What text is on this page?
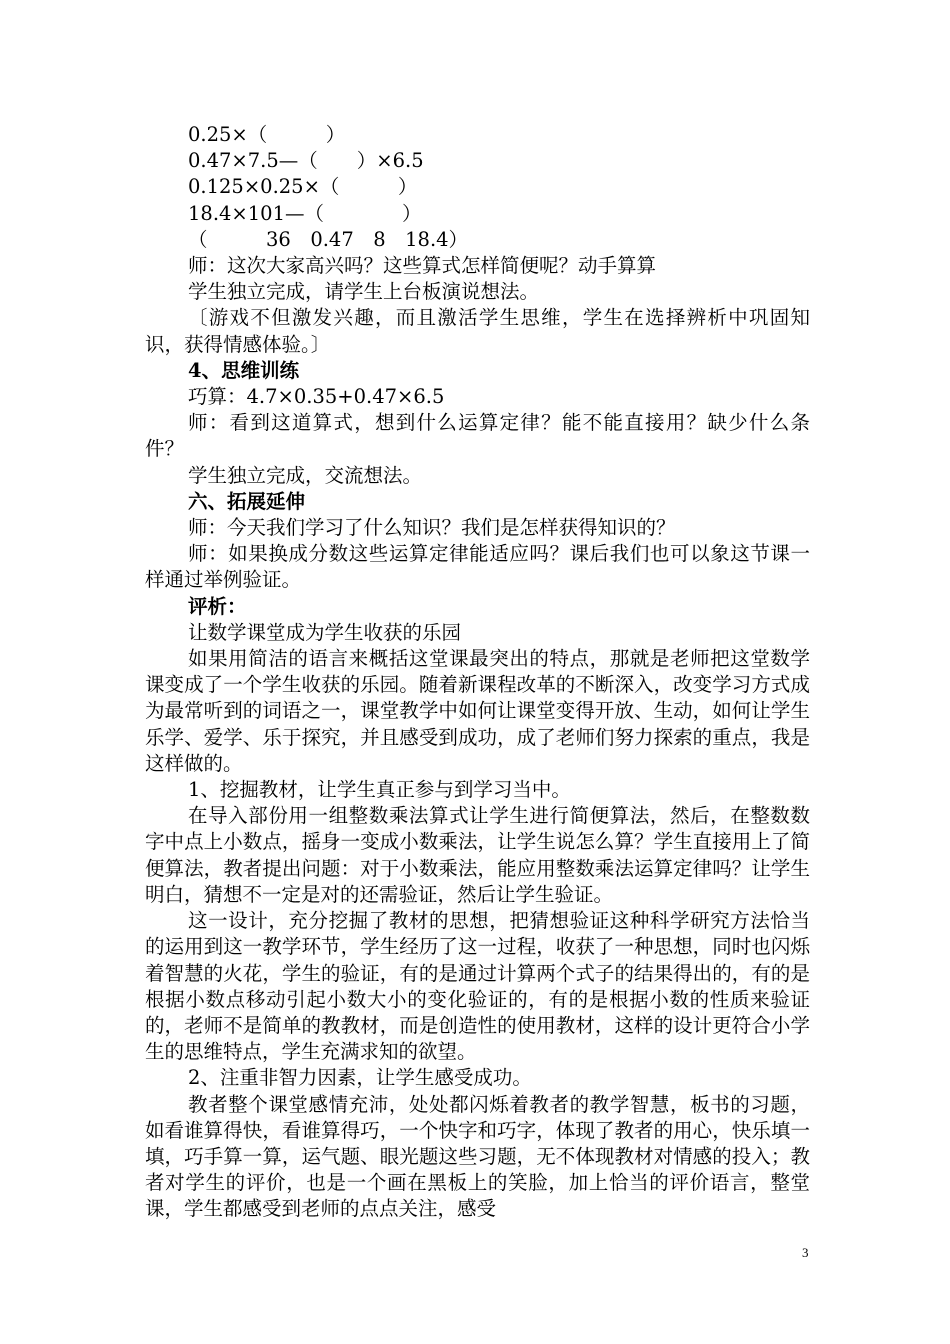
0.25×（　　　）
0.47×7.5—（　　）×6.5
0.125×0.25×（　　　）
18.4×101—（　　　　）
（　　　36　0.47　8　18.4）
师：这次大家高兴吗？这些算式怎样简便呢？动手算算
学生独立完成，请学生上台板演说想法。
〔游戏不但激发兴趣，而且激活学生思维，学生在选择辨析中巩固知识，获得情感体验。〕
4、思维训练
巧算：4.7×0.35+0.47×6.5
师：看到这道算式，想到什么运算定律？能不能直接用？缺少什么条件？
学生独立完成，交流想法。
六、拓展延伸
师：今天我们学习了什么知识？我们是怎样获得知识的？
师：如果换成分数这些运算定律能适应吗？课后我们也可以象这节课一样通过举例验证。
评析：
让数学课堂成为学生收获的乐园
如果用简洁的语言来概括这堂课最突出的特点，那就是老师把这堂数学课变成了一个学生收获的乐园。随着新课程改革的不断深入，改变学习方式成为最常听到的词语之一，课堂教学中如何让课堂变得开放、生动，如何让学生乐学、爱学、乐于探究，并且感受到成功，成了老师们努力探索的重点，我是这样做的。
1、挖掘教材，让学生真正参与到学习当中。
在导入部份用一组整数乘法算式让学生进行简便算法，然后，在整数数字中点上小数点，摇身一变成小数乘法，让学生说怎么算？学生直接用上了简便算法，教者提出问题：对于小数乘法，能应用整数乘法运算定律吗？让学生明白，猜想不一定是对的还需验证，然后让学生验证。
这一设计，充分挖掘了教材的思想，把猜想验证这种科学研究方法恰当的运用到这一教学环节，学生经历了这一过程，收获了一种思想，同时也闪烁着智慧的火花，学生的验证，有的是通过计算两个式子的结果得出的，有的是根据小数点移动引起小数大小的变化验证的，有的是根据小数的性质来验证的，老师不是简单的教教材，而是创造性的使用教材，这样的设计更符合小学生的思维特点，学生充满求知的欲望。
2、注重非智力因素，让学生感受成功。
教者整个课堂感情充沛，处处都闪烁着教者的教学智慧，板书的习题，如看谁算得快，看谁算得巧，一个快字和巧字，体现了教者的用心，快乐填一填，巧手算一算，运气题、眼光题这些习题，无不体现教材对情感的投入；教者对学生的评价，也是一个画在黑板上的笑脸，加上恰当的评价语言，整堂课，学生都感受到老师的点点关注，感受
3
